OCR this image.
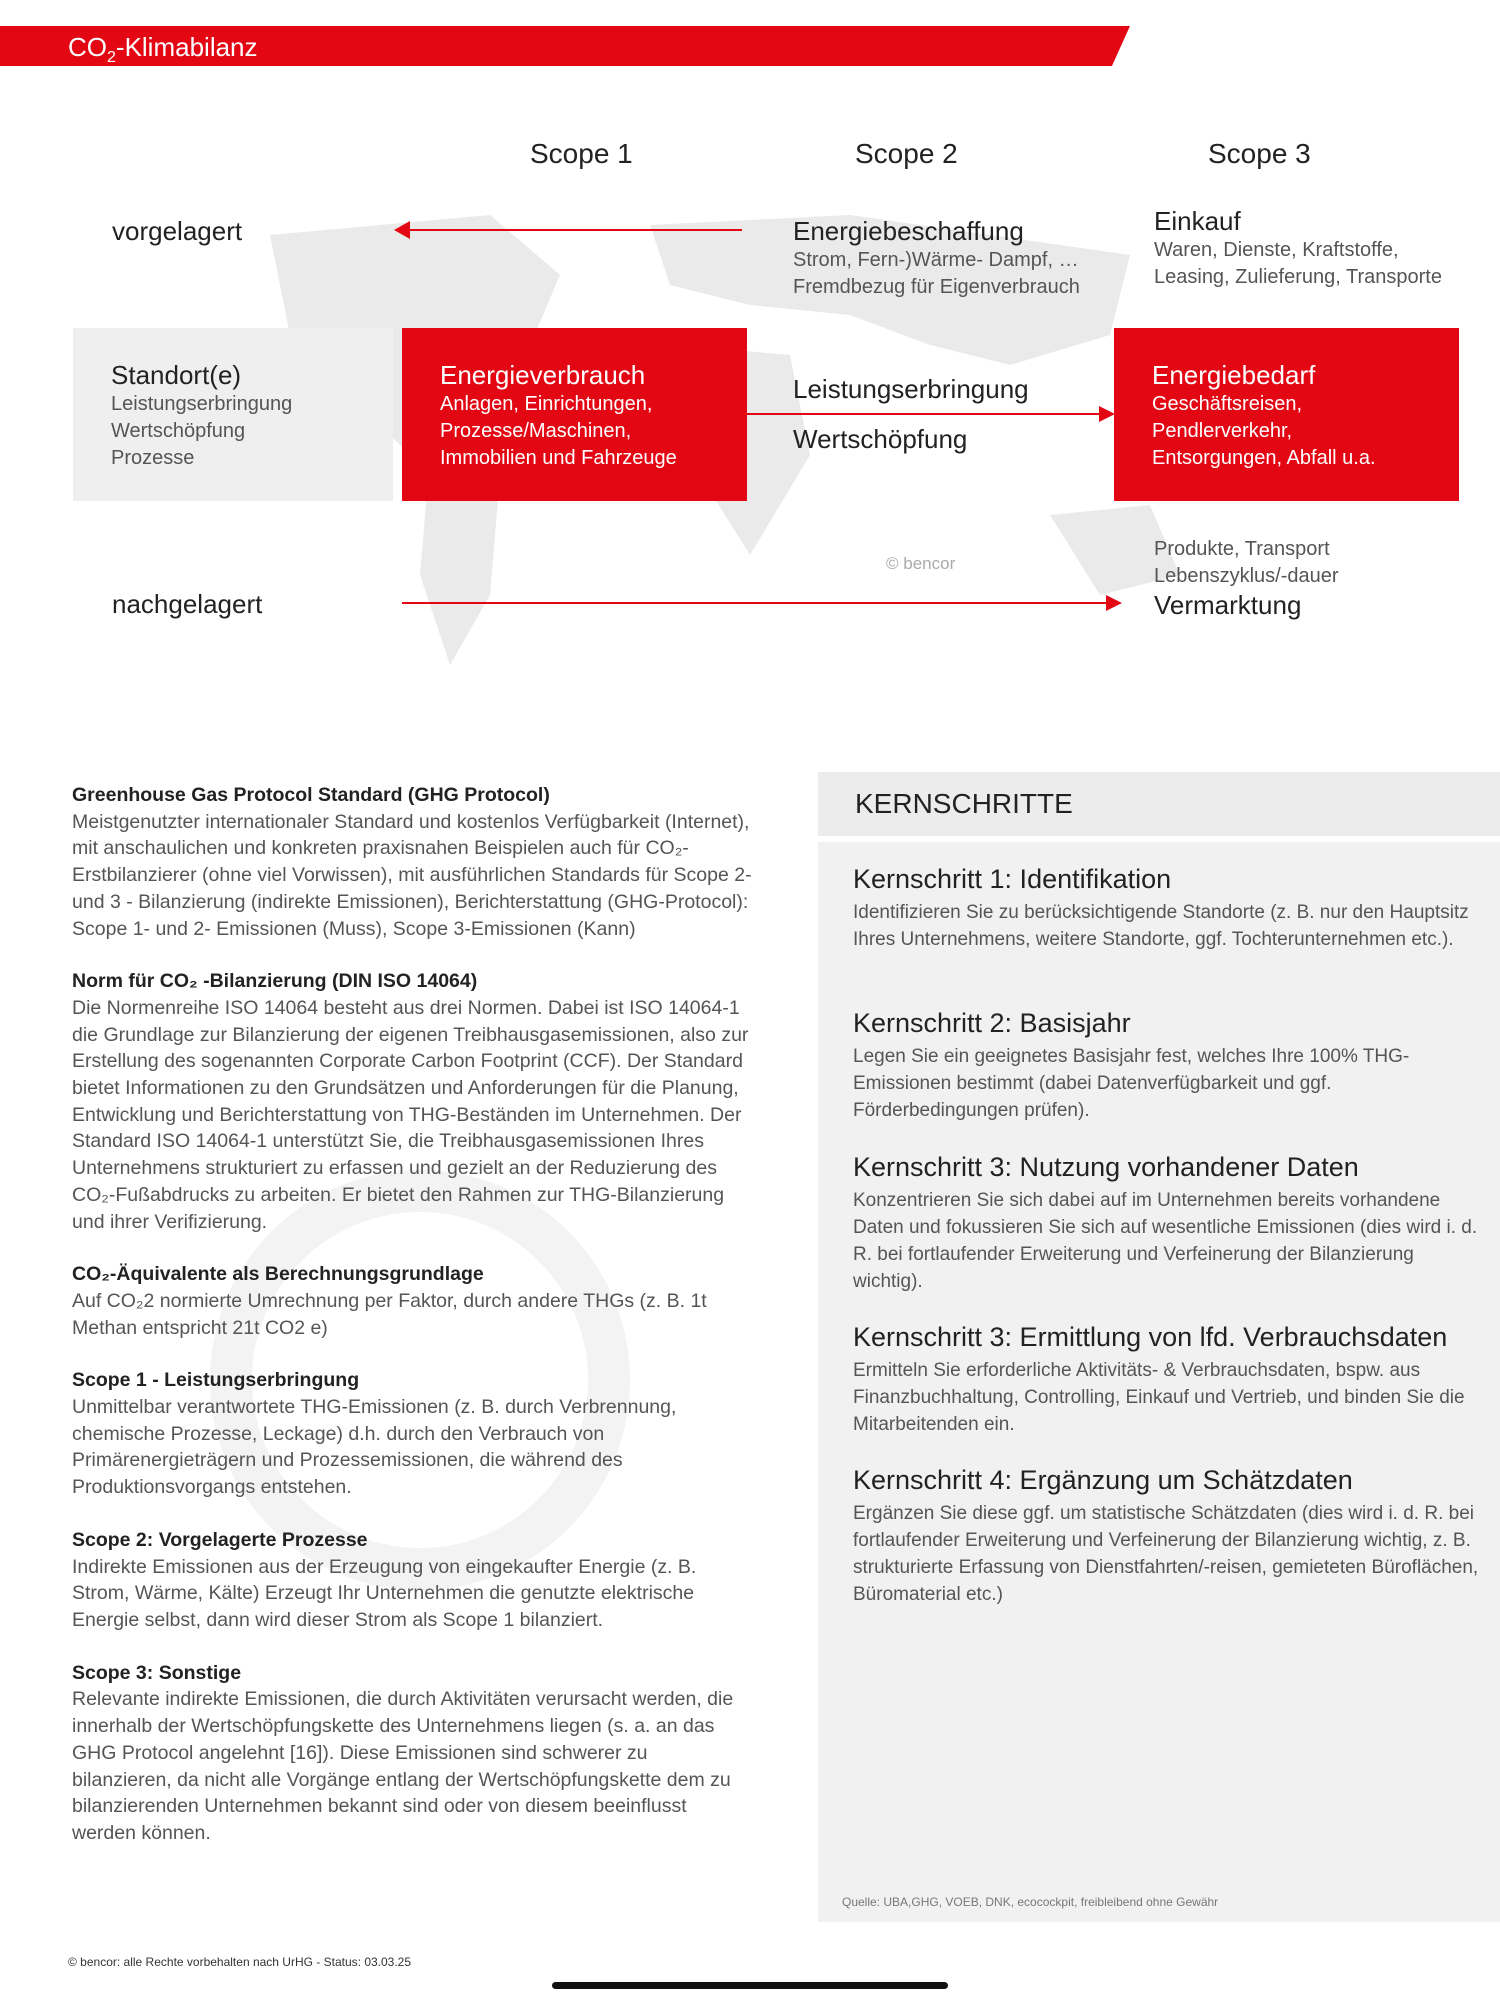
$CO_2$-Klimabilanz
Scope 1	Scope 2	Scope 3
vorgelagert	Energiebeschaffung
Strom, Fern-)Wärme- Dampf, …
Fremdbezug für Eigenverbrauch
Einkauf
Waren, Dienste, Kraftstoffe,
Leasing, Zulieferung, Transporte
Standort(e)
Leistungserbringung
Wertschöpfung
Prozesse
Energieverbrauch
Anlagen, Einrichtungen,
Prozesse/Maschinen,
Immobilien und Fahrzeuge
Leistungserbringung
Wertschöpfung
Energiebedarf
Geschäftsreisen,
Pendlerverkehr,
Entsorgungen, Abfall u.a.
© bencor
Produkte, Transport
Lebenszyklus/-dauer
Vermarktung
nachgelagert
Greenhouse Gas Protocol Standard (GHG Protocol)

Meistgenutzter internationaler Standard und kostenlos Verfügbarkeit (Internet), mit anschaulichen und konkreten praxisnahen Beispielen auch für CO₂-Erstbilanzierer (ohne viel Vorwissen), mit ausführlichen Standards für Scope 2- und 3 - Bilanzierung (indirekte Emissionen), Berichterstattung (GHG-Protocol): Scope 1- und 2- Emissionen (Muss), Scope 3-Emissionen (Kann)

Norm für CO₂ -Bilanzierung (DIN ISO 14064)

Die Normenreihe ISO 14064 besteht aus drei Normen. Dabei ist ISO 14064-1 die Grundlage zur Bilanzierung der eigenen Treibhausgasemissionen, also zur Erstellung des sogenannten Corporate Carbon Footprint (CCF). Der Standard bietet Informationen zu den Grundsätzen und Anforderungen für die Planung, Entwicklung und Berichterstattung von THG-Beständen im Unternehmen. Der Standard ISO 14064-1 unterstützt Sie, die Treibhausgasemissionen Ihres Unternehmens strukturiert zu erfassen und gezielt an der Reduzierung des CO₂-Fußabdrucks zu arbeiten. Er bietet den Rahmen zur THG-Bilanzierung und ihrer Verifizierung.

CO₂-Äquivalente als Berechnungsgrundlage

Auf CO₂2 normierte Umrechnung per Faktor, durch andere THGs (z. B. 1t Methan entspricht 21t CO2 e)

Scope 1 - Leistungserbringung

Unmittelbar verantwortete THG-Emissionen (z. B. durch Verbrennung, chemische Prozesse, Leckage) d.h. durch den Verbrauch von Primärenergieträgern und Prozessemissionen, die während des Produktionsvorgangs entstehen.

Scope 2: Vorgelagerte Prozesse

Indirekte Emissionen aus der Erzeugung von eingekaufter Energie (z. B. Strom, Wärme, Kälte) Erzeugt Ihr Unternehmen die genutzte elektrische Energie selbst, dann wird dieser Strom als Scope 1 bilanziert.

Scope 3: Sonstige

Relevante indirekte Emissionen, die durch Aktivitäten verursacht werden, die innerhalb der Wertschöpfungskette des Unternehmens liegen (s. a. an das GHG Protocol angelehnt [16]). Diese Emissionen sind schwerer zu bilanzieren, da nicht alle Vorgänge entlang der Wertschöpfungskette dem zu bilanzierenden Unternehmen bekannt sind oder von diesem beeinflusst werden können.

KERNSCHRITTE
Kernschritt 1: Identifikation

Identifizieren Sie zu berücksichtigende Standorte (z. B. nur den Hauptsitz Ihres Unternehmens, weitere Standorte, ggf. Tochterunternehmen etc.).

Kernschritt 2: Basisjahr

Legen Sie ein geeignetes Basisjahr fest, welches Ihre 100% THG-Emissionen bestimmt (dabei Datenverfügbarkeit und ggf. Förderbedingungen prüfen).

Kernschritt 3: Nutzung vorhandener Daten

Konzentrieren Sie sich dabei auf im Unternehmen bereits vorhandene Daten und fokussieren Sie sich auf wesentliche Emissionen (dies wird i. d. R. bei fortlaufender Erweiterung und Verfeinerung der Bilanzierung wichtig).

Kernschritt 3: Ermittlung von lfd. Verbrauchsdaten

Ermitteln Sie erforderliche Aktivitäts- & Verbrauchsdaten, bspw. aus Finanzbuchhaltung, Controlling, Einkauf und Vertrieb, und binden Sie die Mitarbeitenden ein.

Kernschritt 4: Ergänzung um Schätzdaten

Ergänzen Sie diese ggf. um statistische Schätzdaten (dies wird i. d. R. bei fortlaufender Erweiterung und Verfeinerung der Bilanzierung wichtig, z. B. strukturierte Erfassung von Dienstfahrten/-reisen, gemieteten Büroflächen, Büromaterial etc.)

Quelle: UBA,GHG, VOEB, DNK, ecocockpit, freibleibend ohne Gewähr
© bencor: alle Rechte vorbehalten nach UrHG - Status: 03.03.25
